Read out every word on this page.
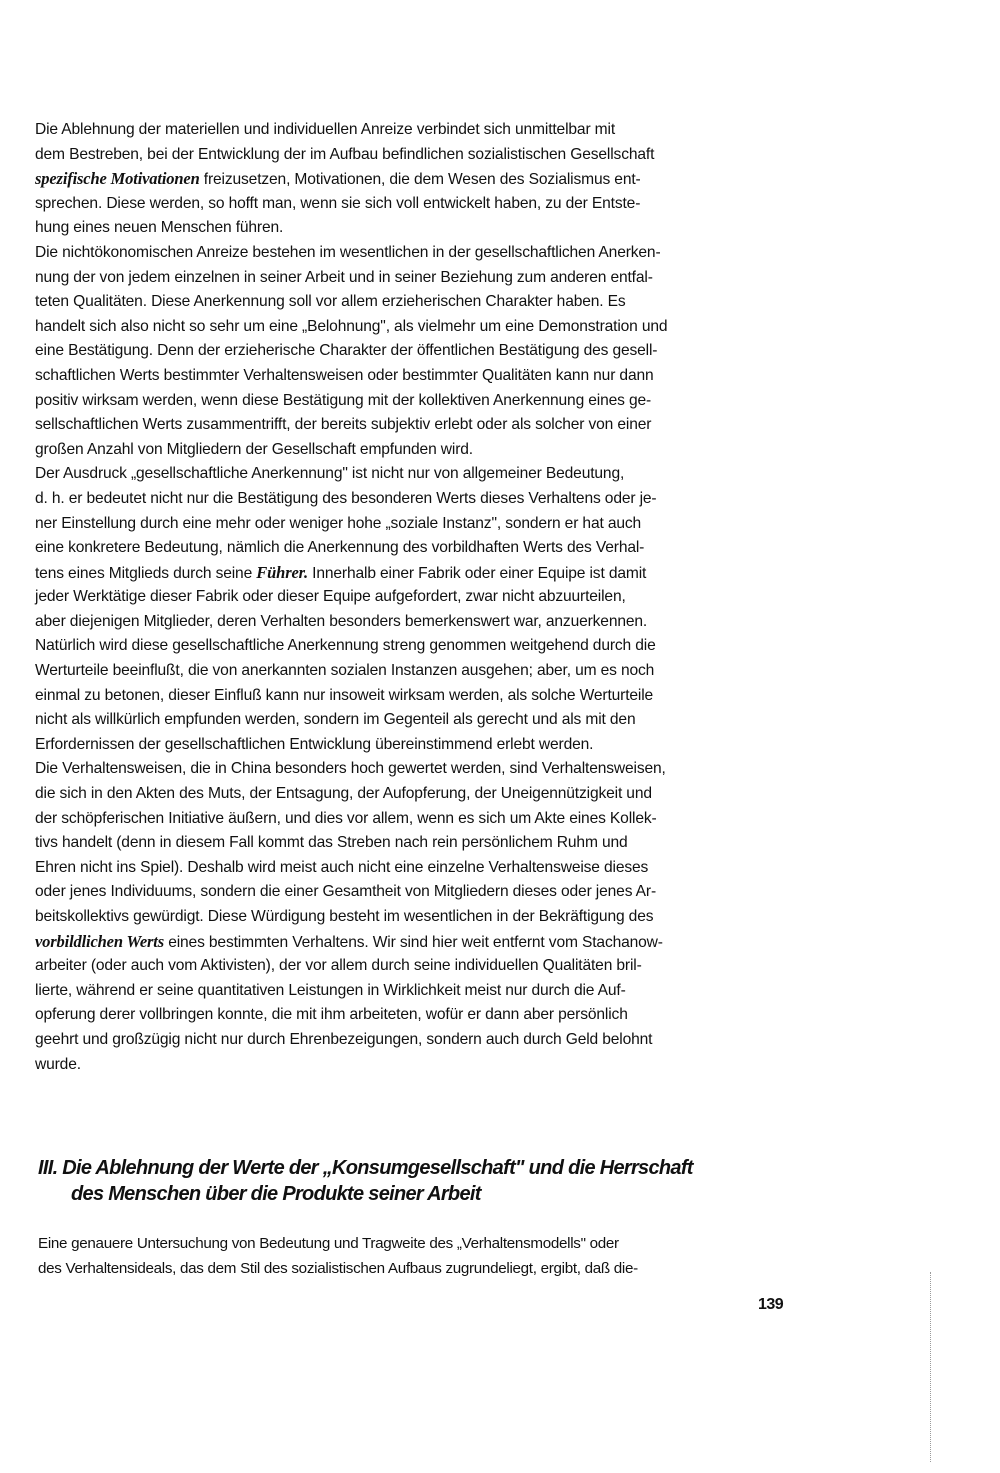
Die Ablehnung der materiellen und individuellen Anreize verbindet sich unmittelbar mit
dem Bestreben, bei der Entwicklung der im Aufbau befindlichen sozialistischen Gesellschaft
spezifische Motivationen freizusetzen, Motivationen, die dem Wesen des Sozialismus ent-
sprechen. Diese werden, so hofft man, wenn sie sich voll entwickelt haben, zu der Entste-
hung eines neuen Menschen führen.
Die nichtökonomischen Anreize bestehen im wesentlichen in der gesellschaftlichen Anerken-
nung der von jedem einzelnen in seiner Arbeit und in seiner Beziehung zum anderen entfal-
teten Qualitäten. Diese Anerkennung soll vor allem erzieherischen Charakter haben. Es
handelt sich also nicht so sehr um eine „Belohnung", als vielmehr um eine Demonstration und
eine Bestätigung. Denn der erzieherische Charakter der öffentlichen Bestätigung des gesell-
schaftlichen Werts bestimmter Verhaltensweisen oder bestimmter Qualitäten kann nur dann
positiv wirksam werden, wenn diese Bestätigung mit der kollektiven Anerkennung eines ge-
sellschaftlichen Werts zusammentrifft, der bereits subjektiv erlebt oder als solcher von einer
großen Anzahl von Mitgliedern der Gesellschaft empfunden wird.
Der Ausdruck „gesellschaftliche Anerkennung" ist nicht nur von allgemeiner Bedeutung,
d. h. er bedeutet nicht nur die Bestätigung des besonderen Werts dieses Verhaltens oder je-
ner Einstellung durch eine mehr oder weniger hohe „soziale Instanz", sondern er hat auch
eine konkretere Bedeutung, nämlich die Anerkennung des vorbildhaften Werts des Verhal-
tens eines Mitglieds durch seine Führer. Innerhalb einer Fabrik oder einer Equipe ist damit
jeder Werktätige dieser Fabrik oder dieser Equipe aufgefordert, zwar nicht abzuurteilen,
aber diejenigen Mitglieder, deren Verhalten besonders bemerkenswert war, anzuerkennen.
Natürlich wird diese gesellschaftliche Anerkennung streng genommen weitgehend durch die
Werturteile beeinflußt, die von anerkannten sozialen Instanzen ausgehen; aber, um es noch
einmal zu betonen, dieser Einfluß kann nur insoweit wirksam werden, als solche Werturteile
nicht als willkürlich empfunden werden, sondern im Gegenteil als gerecht und als mit den
Erfordernissen der gesellschaftlichen Entwicklung übereinstimmend erlebt werden.
Die Verhaltensweisen, die in China besonders hoch gewertet werden, sind Verhaltensweisen,
die sich in den Akten des Muts, der Entsagung, der Aufopferung, der Uneigennützigkeit und
der schöpferischen Initiative äußern, und dies vor allem, wenn es sich um Akte eines Kollek-
tivs handelt (denn in diesem Fall kommt das Streben nach rein persönlichem Ruhm und
Ehren nicht ins Spiel). Deshalb wird meist auch nicht eine einzelne Verhaltensweise dieses
oder jenes Individuums, sondern die einer Gesamtheit von Mitgliedern dieses oder jenes Ar-
beitskollektivs gewürdigt. Diese Würdigung besteht im wesentlichen in der Bekräftigung des
vorbildlichen Werts eines bestimmten Verhaltens. Wir sind hier weit entfernt vom Stachanow-
arbeiter (oder auch vom Aktivisten), der vor allem durch seine individuellen Qualitäten bril-
lierte, während er seine quantitativen Leistungen in Wirklichkeit meist nur durch die Auf-
opferung derer vollbringen konnte, die mit ihm arbeiteten, wofür er dann aber persönlich
geehrt und großzügig nicht nur durch Ehrenbezeigungen, sondern auch durch Geld belohnt
wurde.
III. Die Ablehnung der Werte der „Konsumgesellschaft" und die Herrschaft
des Menschen über die Produkte seiner Arbeit
Eine genauere Untersuchung von Bedeutung und Tragweite des „Verhaltensmodells" oder
des Verhaltensideals, das dem Stil des sozialistischen Aufbaus zugrundeliegt, ergibt, daß die-
139
